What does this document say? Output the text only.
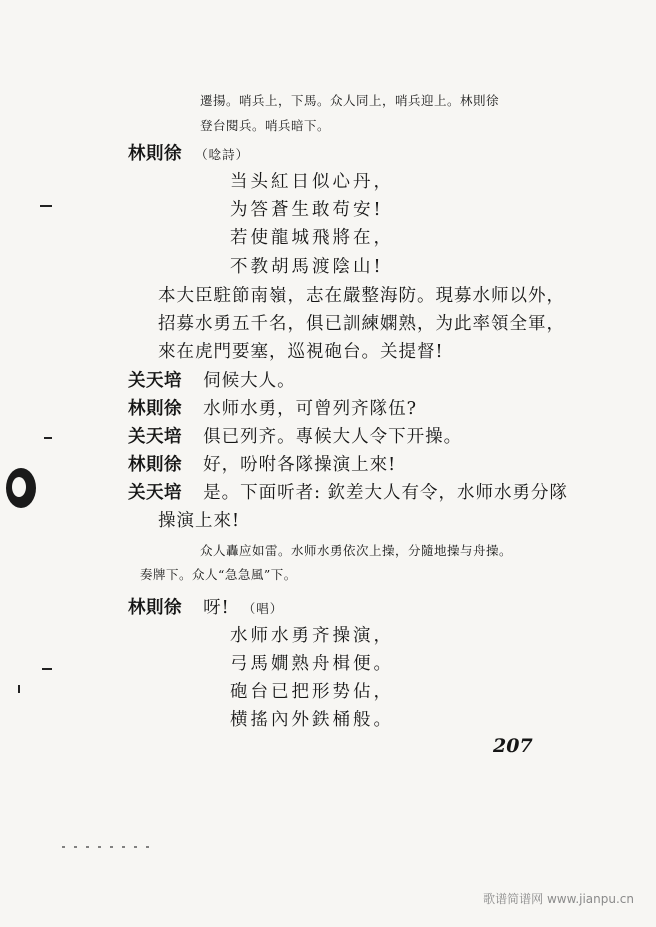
遷揚。哨兵上，下馬。众人同上，哨兵迎上。林則徐
登台閱兵。哨兵暗下。
林則徐 （唸詩）
当头紅日似心丹，
为答蒼生敢苟安!
若使龍城飛將在，
不教胡馬渡陰山!
本大臣駐節南嶺，志在嚴整海防。現募水师以外，
招募水勇五千名，俱已訓練嫻熟，为此率領全軍，
來在虎門要塞，巡視砲台。关提督!
关天培 伺候大人。
林則徐 水师水勇，可曾列齐隊伍?
关天培 俱已列齐。專候大人令下开操。
林則徐 好，吩咐各隊操演上來!
关天培 是。下面听者: 欽差大人有令，水师水勇分隊
操演上來!
众人轟应如雷。水师水勇依次上操，分隨地操与舟操。
奏牌下。众人“急急風”下。
林則徐 呀! （唱）
水师水勇齐操演，
弓馬嫺熟舟楫便。
砲台已把形势佔，
横搖內外鉄桶般。
207
歌谱简谱网 www.jianpu.cn
